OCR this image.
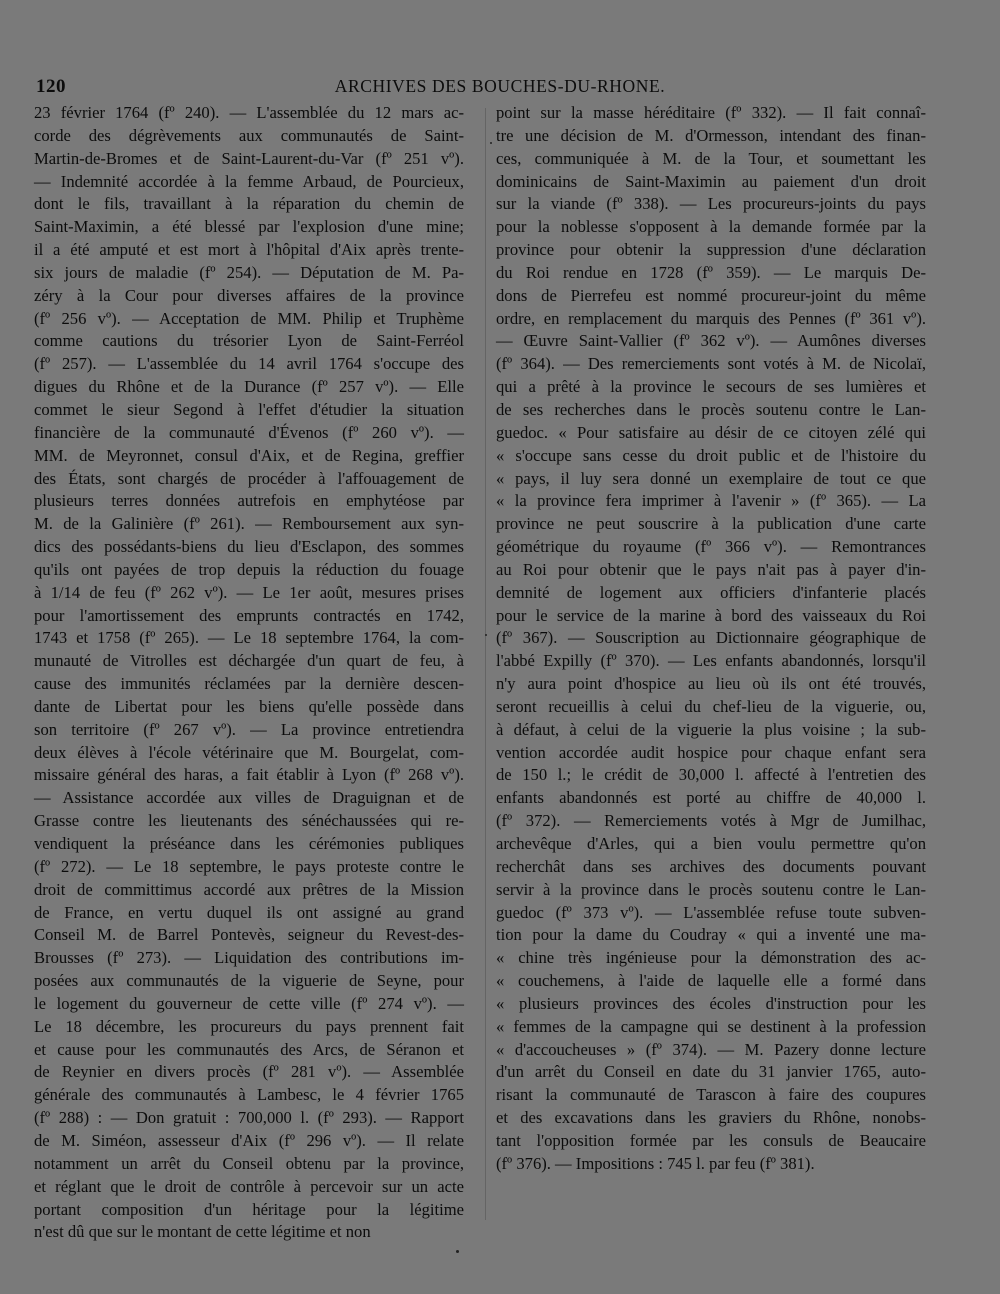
120	ARCHIVES DES BOUCHES-DU-RHONE.
23 février 1764 (fº 240). — L'assemblée du 12 mars ac-
corde des dégrèvements aux communautés de Saint-
Martin-de-Bromes et de Saint-Laurent-du-Var (fº 251 vº).
— Indemnité accordée à la femme Arbaud, de Pourcieux,
dont le fils, travaillant à la réparation du chemin de
Saint-Maximin, a été blessé par l'explosion d'une mine;
il a été amputé et est mort à l'hôpital d'Aix après trente-
six jours de maladie (fº 254). — Députation de M. Pa-
zéry à la Cour pour diverses affaires de la province
(fº 256 vº). — Acceptation de MM. Philip et Truphème
comme cautions du trésorier Lyon de Saint-Ferréol
(fº 257). — L'assemblée du 14 avril 1764 s'occupe des
digues du Rhône et de la Durance (fº 257 vº). — Elle
commet le sieur Segond à l'effet d'étudier la situation
financière de la communauté d'Évenos (fº 260 vº). —
MM. de Meyronnet, consul d'Aix, et de Regina, greffier
des États, sont chargés de procéder à l'affouagement de
plusieurs terres données autrefois en emphytéose par
M. de la Galinière (fº 261). — Remboursement aux syn-
dics des possédants-biens du lieu d'Esclapon, des sommes
qu'ils ont payées de trop depuis la réduction du fouage
à 1/14 de feu (fº 262 vº). — Le 1er août, mesures prises
pour l'amortissement des emprunts contractés en 1742,
1743 et 1758 (fº 265). — Le 18 septembre 1764, la com-
munauté de Vitrolles est déchargée d'un quart de feu, à
cause des immunités réclamées par la dernière descen-
dante de Libertat pour les biens qu'elle possède dans
son territoire (fº 267 vº). — La province entretiendra
deux élèves à l'école vétérinaire que M. Bourgelat, com-
missaire général des haras, a fait établir à Lyon (fº 268 vº).
— Assistance accordée aux villes de Draguignan et de
Grasse contre les lieutenants des sénéchaussées qui re-
vendiquent la préséance dans les cérémonies publiques
(fº 272). — Le 18 septembre, le pays proteste contre le
droit de committimus accordé aux prêtres de la Mission
de France, en vertu duquel ils ont assigné au grand
Conseil M. de Barrel Pontevès, seigneur du Revest-des-
Brousses (fº 273). — Liquidation des contributions im-
posées aux communautés de la viguerie de Seyne, pour
le logement du gouverneur de cette ville (fº 274 vº). —
Le 18 décembre, les procureurs du pays prennent fait
et cause pour les communautés des Arcs, de Séranon et
de Reynier en divers procès (fº 281 vº). — Assemblée
générale des communautés à Lambesc, le 4 février 1765
(fº 288) : — Don gratuit : 700,000 l. (fº 293). — Rapport
de M. Siméon, assesseur d'Aix (fº 296 vº). — Il relate
notamment un arrêt du Conseil obtenu par la province,
et réglant que le droit de contrôle à percevoir sur un acte
portant composition d'un héritage pour la légitime
n'est dû que sur le montant de cette légitime et non
point sur la masse héréditaire (fº 332). — Il fait connaî-
tre une décision de M. d'Ormesson, intendant des finan-
ces, communiquée à M. de la Tour, et soumettant les
dominicains de Saint-Maximin au paiement d'un droit
sur la viande (fº 338). — Les procureurs-joints du pays
pour la noblesse s'opposent à la demande formée par la
province pour obtenir la suppression d'une déclaration
du Roi rendue en 1728 (fº 359). — Le marquis De-
dons de Pierrefeu est nommé procureur-joint du même
ordre, en remplacement du marquis des Pennes (fº 361 vº).
— Œuvre Saint-Vallier (fº 362 vº). — Aumônes diverses
(fº 364). — Des remerciements sont votés à M. de Nicolaï,
qui a prêté à la province le secours de ses lumières et
de ses recherches dans le procès soutenu contre le Lan-
guedoc. « Pour satisfaire au désir de ce citoyen zélé qui
« s'occupe sans cesse du droit public et de l'histoire du
« pays, il luy sera donné un exemplaire de tout ce que
« la province fera imprimer à l'avenir » (fº 365). — La
province ne peut souscrire à la publication d'une carte
géométrique du royaume (fº 366 vº). — Remontrances
au Roi pour obtenir que le pays n'ait pas à payer d'in-
demnité de logement aux officiers d'infanterie placés
pour le service de la marine à bord des vaisseaux du Roi
(fº 367). — Souscription au Dictionnaire géographique de
l'abbé Expilly (fº 370). — Les enfants abandonnés, lorsqu'il
n'y aura point d'hospice au lieu où ils ont été trouvés,
seront recueillis à celui du chef-lieu de la viguerie, ou,
à défaut, à celui de la viguerie la plus voisine ; la sub-
vention accordée audit hospice pour chaque enfant sera
de 150 l.; le crédit de 30,000 l. affecté à l'entretien des
enfants abandonnés est porté au chiffre de 40,000 l.
(fº 372). — Remerciements votés à Mgr de Jumilhac,
archevêque d'Arles, qui a bien voulu permettre qu'on
recherchât dans ses archives des documents pouvant
servir à la province dans le procès soutenu contre le Lan-
guedoc (fº 373 vº). — L'assemblée refuse toute subven-
tion pour la dame du Coudray « qui a inventé une ma-
« chine très ingénieuse pour la démonstration des ac-
« couchemens, à l'aide de laquelle elle a formé dans
« plusieurs provinces des écoles d'instruction pour les
« femmes de la campagne qui se destinent à la profession
« d'accoucheuses » (fº 374). — M. Pazery donne lecture
d'un arrêt du Conseil en date du 31 janvier 1765, auto-
risant la communauté de Tarascon à faire des coupures
et des excavations dans les graviers du Rhône, nonobs-
tant l'opposition formée par les consuls de Beaucaire
(fº 376). — Impositions : 745 l. par feu (fº 381).
